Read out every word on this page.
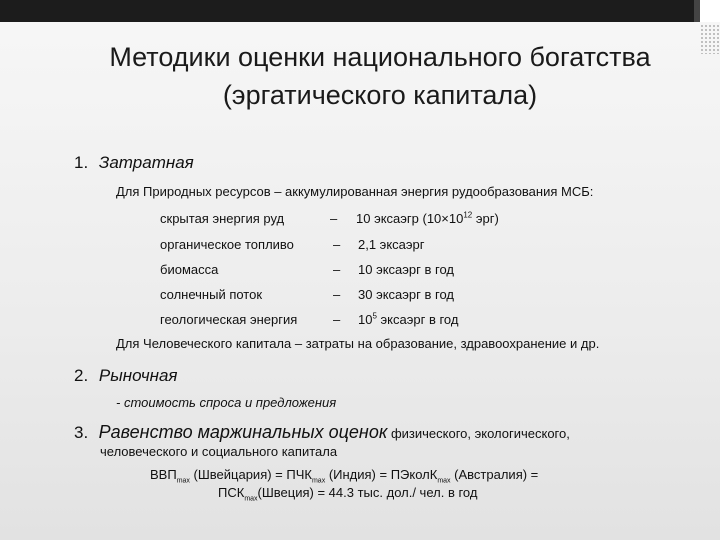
Методики оценки национального богатства
(эргатического капитала)
1. Затратная
Для Природных ресурсов – аккумулированная энергия рудообразования МСБ:
скрытая энергия руд	– 10 эксаэгр ($10\times 10^{12}$ эрг)
органическое топливо	– 2,1 эксаэрг
биомасса	– 10 эксаэрг в год
солнечный поток	– 30 эксаэрг в год
геологическая энергия	– $10^5$ эксаэрг в год
Для Человеческого капитала – затраты на образование, здравоохранение и др.
2. Рыночная
- стоимость спроса и предложения
3. Равенство маржинальных оценок физического, экологического,
человеческого и социального капитала
$ВВП_{max}$ (Швейцария) = $ПЧК_{max}$ (Индия) = ПЭколК$_{max}$ (Австралия) =
$ПСК_{max}(Швеция) = 44.3$ тыс. дол./ чел. в год
